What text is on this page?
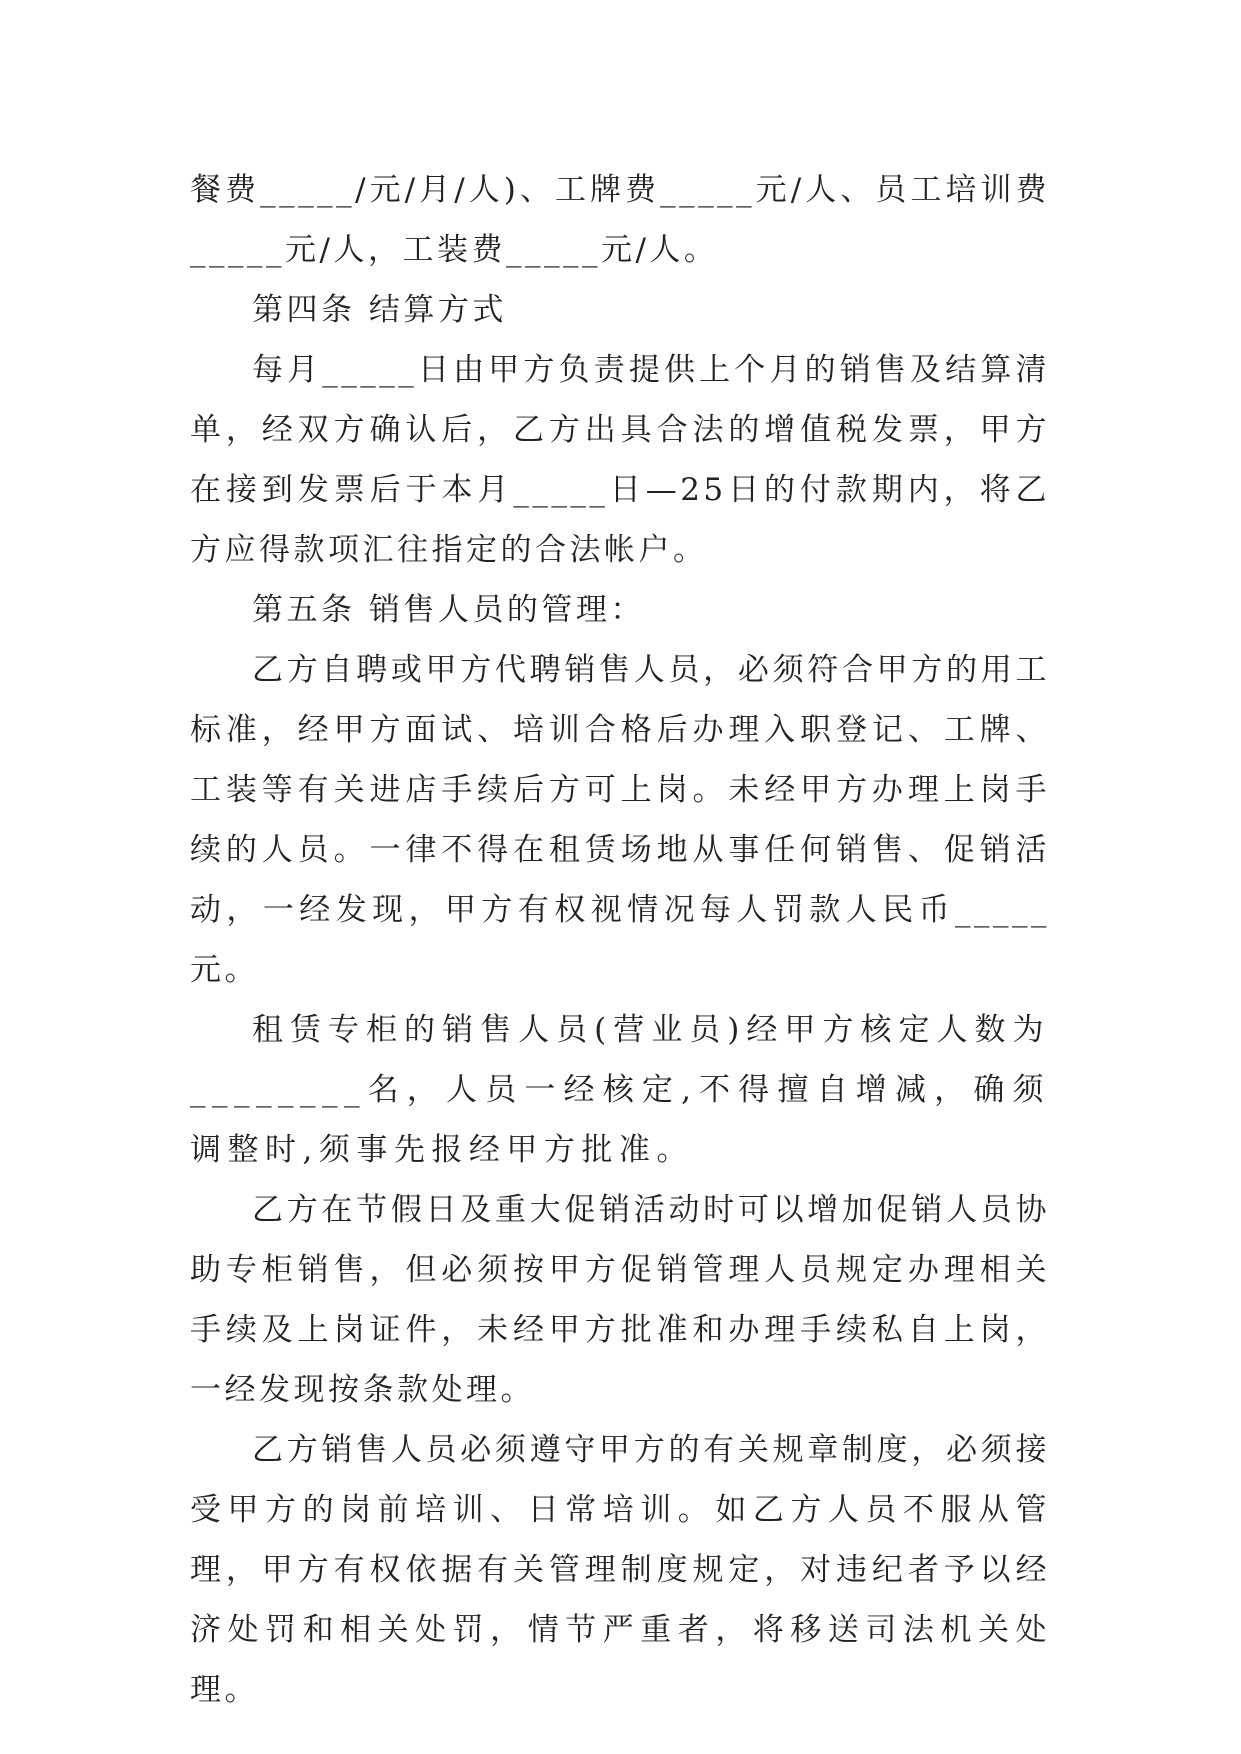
餐费_____/元/月/人)、工牌费_____元/人、员工培训费_____元/人，工装费_____元/人。

第四条 结算方式

每月_____日由甲方负责提供上个月的销售及结算清单，经双方确认后，乙方出具合法的增值税发票，甲方在接到发票后于本月_____日—25日的付款期内，将乙方应得款项汇往指定的合法帐户。

第五条 销售人员的管理：

乙方自聘或甲方代聘销售人员，必须符合甲方的用工标准，经甲方面试、培训合格后办理入职登记、工牌、工装等有关进店手续后方可上岗。未经甲方办理上岗手续的人员。一律不得在租赁场地从事任何销售、促销活动，一经发现，甲方有权视情况每人罚款人民币_____元。

租赁专柜的销售人员(营业员)经甲方核定人数为________名，人员一经核定,不得擅自增减，确须调整时,须事先报经甲方批准。

乙方在节假日及重大促销活动时可以增加促销人员协助专柜销售，但必须按甲方促销管理人员规定办理相关手续及上岗证件，未经甲方批准和办理手续私自上岗，一经发现按条款处理。

乙方销售人员必须遵守甲方的有关规章制度，必须接受甲方的岗前培训、日常培训。如乙方人员不服从管理，甲方有权依据有关管理制度规定，对违纪者予以经济处罚和相关处罚，情节严重者，将移送司法机关处理。
